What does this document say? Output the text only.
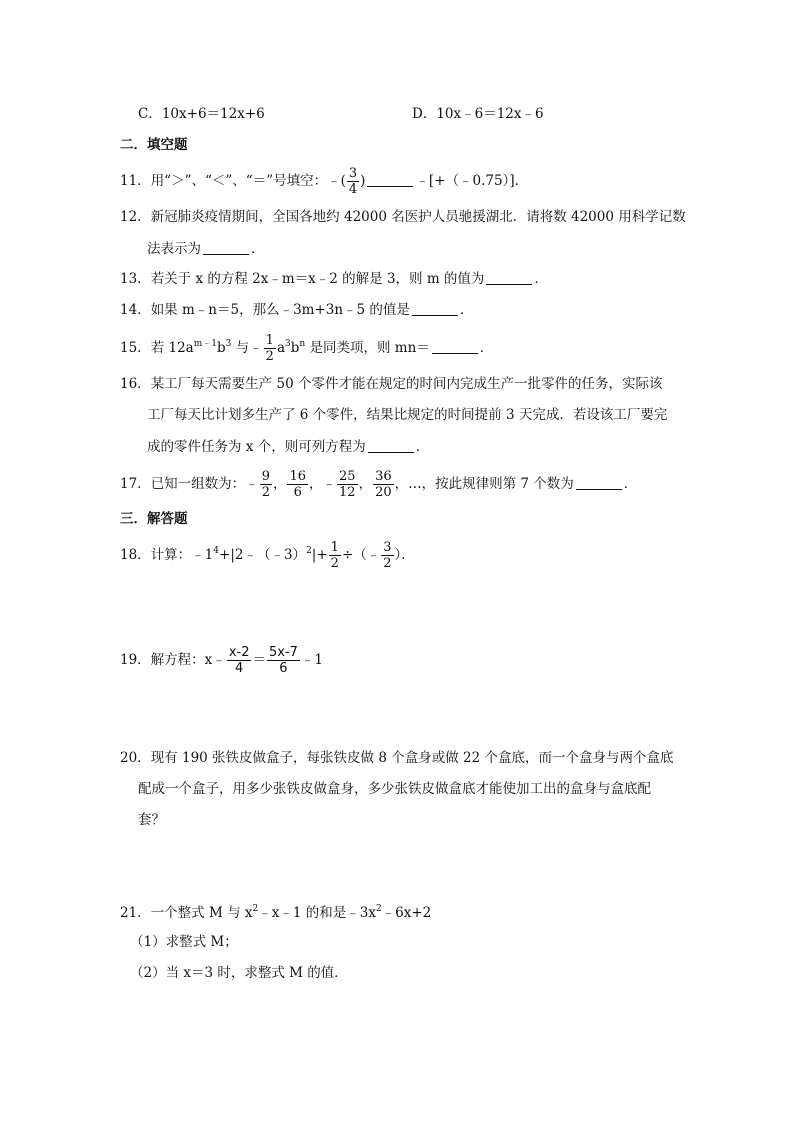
C．10x+6＝12x+6	D．10x﹣6＝12x﹣6
二．填空题
11．用“＞”、“＜”、“＝”号填空：﹣( $\frac{3}{4}$ )	﹣[+（﹣0.75）]．
12．新冠肺炎疫情期间，全国各地约 42000 名医护人员驰援湖北．请将数 42000 用科学记数
法表示为	．
13．若关于 x 的方程 2x﹣m＝x﹣2 的解是 3，则 m 的值为	．
14．如果 m﹣n＝5，那么﹣3m+3n﹣5 的值是	．
15．若 $12a^{m﹣1}b^3$ 与﹣ $\frac{1}{2} a^3b^n$ 是同类项，则 mn＝	．
16．某工厂每天需要生产 50 个零件才能在规定的时间内完成生产一批零件的任务，实际该
工厂每天比计划多生产了 6 个零件，结果比规定的时间提前 3 天完成．若设该工厂要完
成的零件任务为 x 个，则可列方程为	．
17．已知一组数为：﹣ $\frac{9}{2}$ ， $\frac{16}{6}$ ，﹣ $\frac{25}{12}$ ， $\frac{36}{20}$ ，…，按此规律则第 7 个数为	．
三．解答题
18．计算：$﹣1^4+|2﹣(﹣3)^2|+ \frac{1}{2}$ ÷（﹣ $\frac{3}{2}$ ）．
19．解方程：x﹣ $\frac{x-2}{4} = \frac{5x-7}{6}$ ﹣1
20．现有 190 张铁皮做盒子，每张铁皮做 8 个盒身或做 22 个盒底，而一个盒身与两个盒底
配成一个盒子，用多少张铁皮做盒身，多少张铁皮做盒底才能使加工出的盒身与盒底配
套？
21．一个整式 M 与 $x^2﹣x﹣1$ 的和是$﹣3x^2﹣6x+2$
（1）求整式 M；
（2）当 x＝3 时，求整式 M 的值．
